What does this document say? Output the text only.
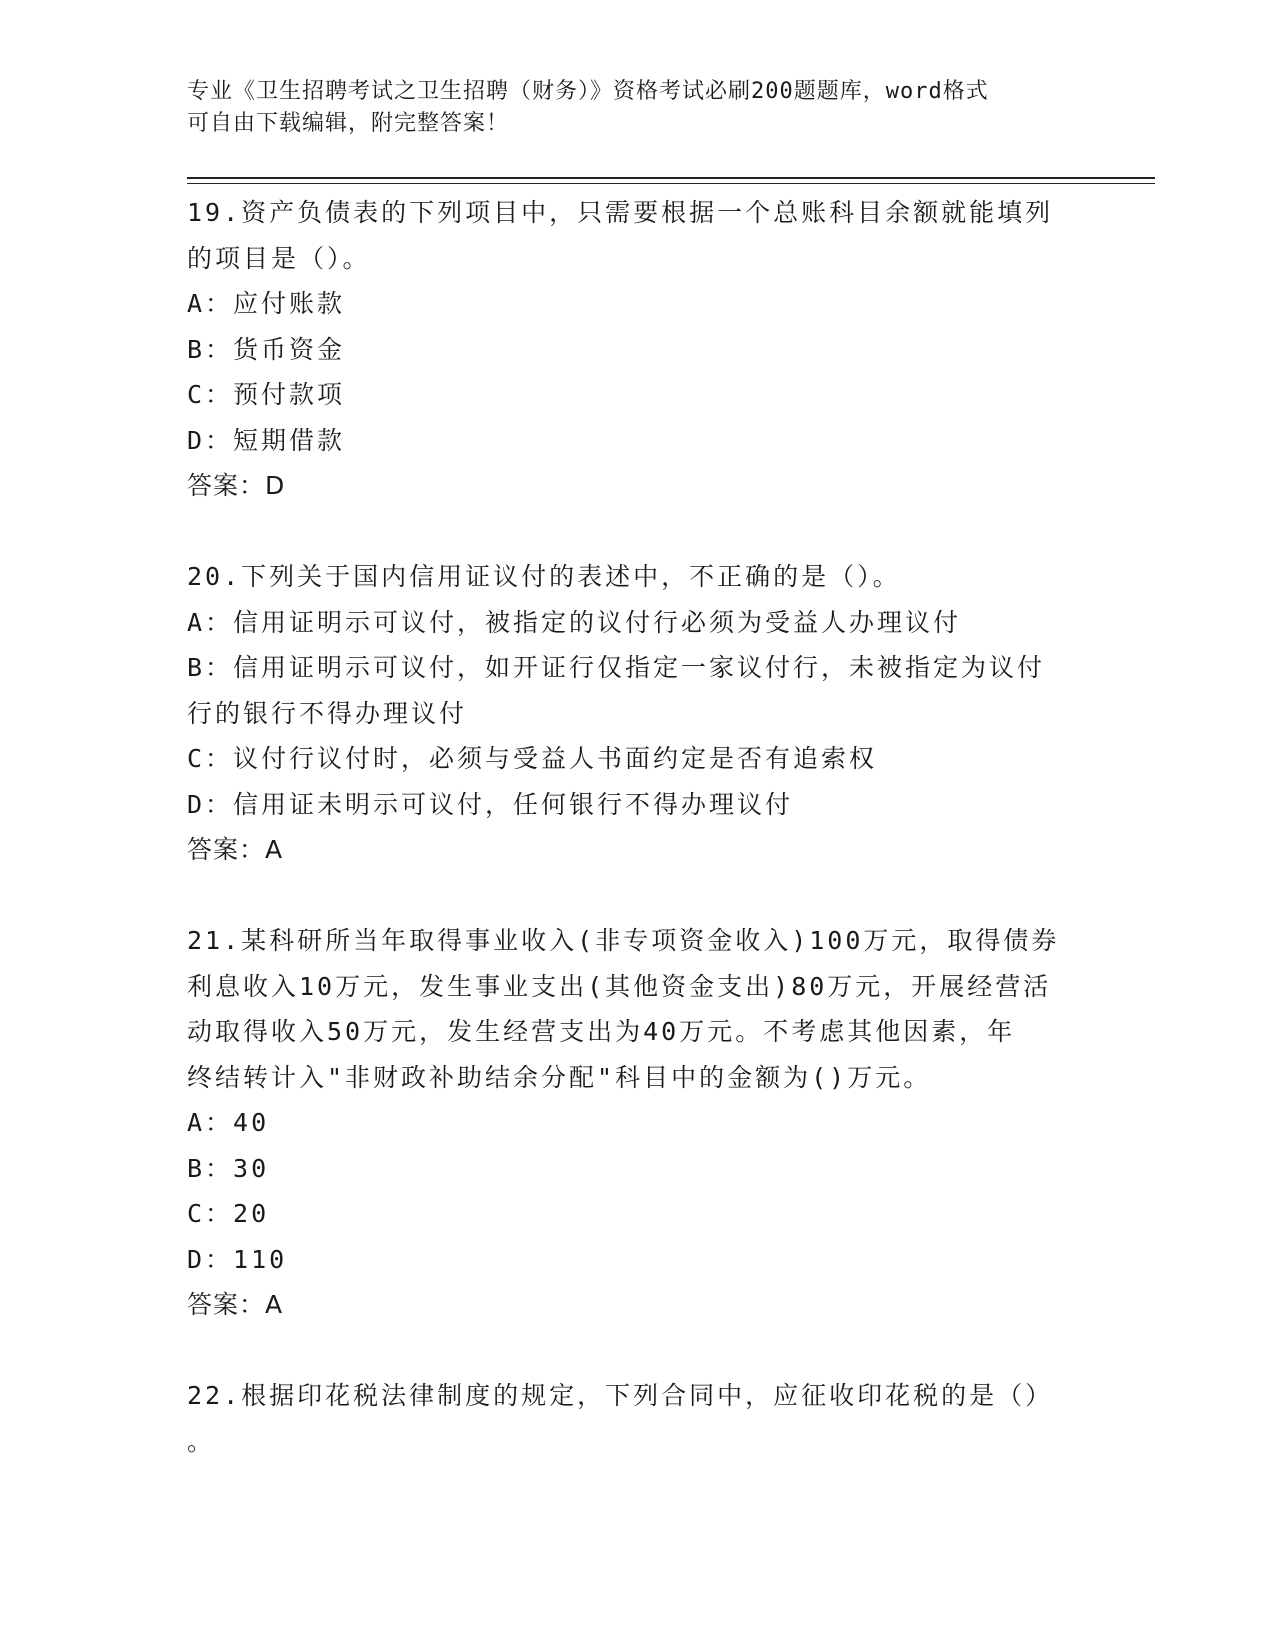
专业《卫生招聘考试之卫生招聘（财务）》资格考试必刷200题题库，word格式
可自由下载编辑，附完整答案！
19.资产负债表的下列项目中，只需要根据一个总账科目余额就能填列
的项目是（）。
A：应付账款
B：货币资金
C：预付款项
D：短期借款
答案：D
20.下列关于国内信用证议付的表述中，不正确的是（）。
A：信用证明示可议付，被指定的议付行必须为受益人办理议付
B：信用证明示可议付，如开证行仅指定一家议付行，未被指定为议付
行的银行不得办理议付
C：议付行议付时，必须与受益人书面约定是否有追索权
D：信用证未明示可议付，任何银行不得办理议付
答案：A
21.某科研所当年取得事业收入(非专项资金收入)100万元，取得债券
利息收入10万元，发生事业支出(其他资金支出)80万元，开展经营活
动取得收入50万元，发生经营支出为40万元。不考虑其他因素，年
终结转计入"非财政补助结余分配"科目中的金额为()万元。
A：40
B：30
C：20
D：110
答案：A
22.根据印花税法律制度的规定，下列合同中，应征收印花税的是（）
。
